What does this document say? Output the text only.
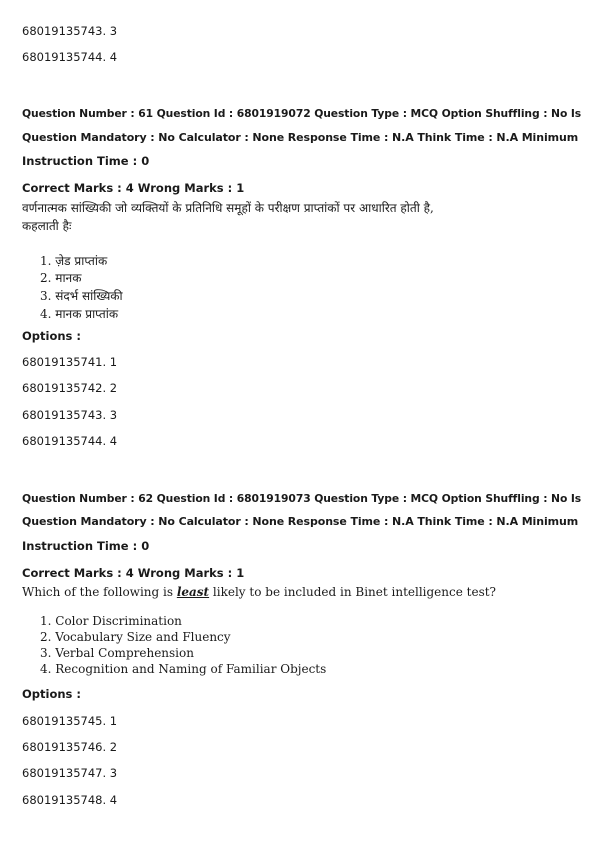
68019135743. 3
68019135744. 4
Question Number : 61 Question Id : 6801919072 Question Type : MCQ Option Shuffling : No Is
Question Mandatory : No Calculator : None Response Time : N.A Think Time : N.A Minimum
Instruction Time : 0
Correct Marks : 4 Wrong Marks : 1
वर्णनात्मक सांख्यिकी जो व्यक्तियों के प्रतिनिधि समूहों के परीक्षण प्राप्तांकों पर आधारित होती है,
कहलाती हैः
1. ज़ेड प्राप्तांक
2. मानक
3. संदर्भ सांख्यिकी
4. मानक प्राप्तांक
Options :
68019135741. 1
68019135742. 2
68019135743. 3
68019135744. 4
Question Number : 62 Question Id : 6801919073 Question Type : MCQ Option Shuffling : No Is
Question Mandatory : No Calculator : None Response Time : N.A Think Time : N.A Minimum
Instruction Time : 0
Correct Marks : 4 Wrong Marks : 1
Which of the following is least likely to be included in Binet intelligence test?
1. Color Discrimination
2. Vocabulary Size and Fluency
3. Verbal Comprehension
4. Recognition and Naming of Familiar Objects
Options :
68019135745. 1
68019135746. 2
68019135747. 3
68019135748. 4
